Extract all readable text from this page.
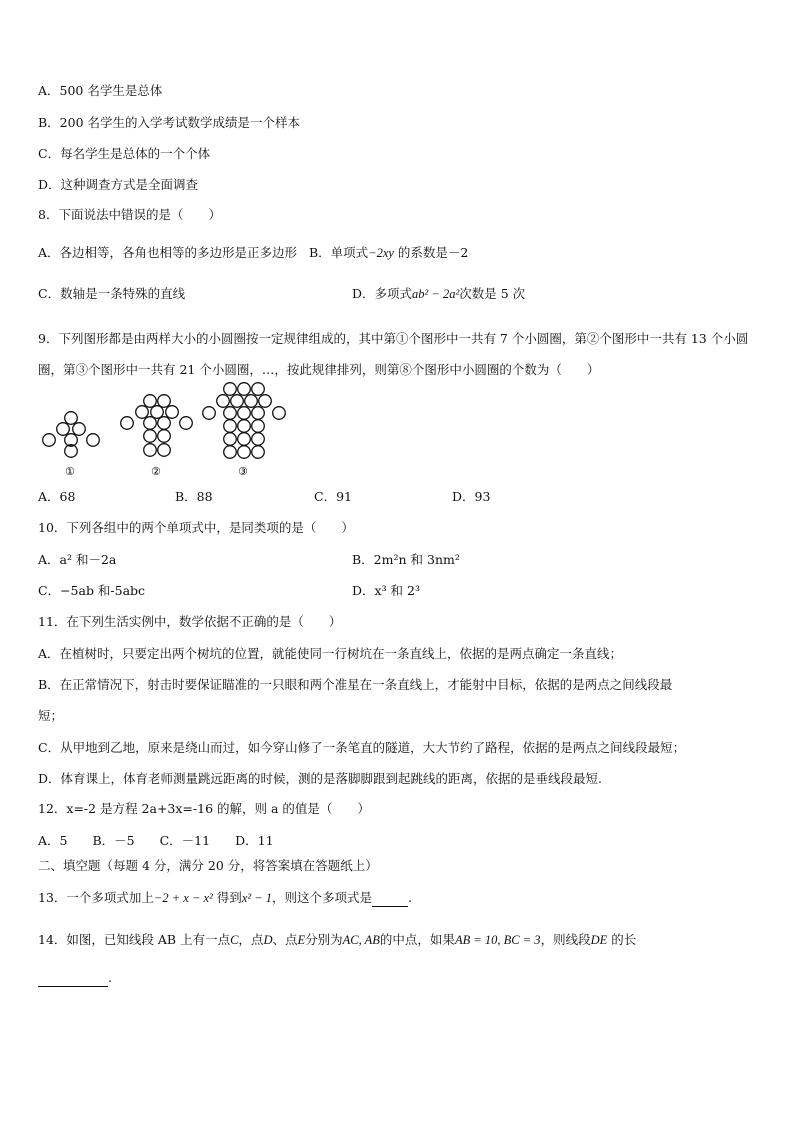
A．500 名学生是总体
B．200 名学生的入学考试数学成绩是一个样本
C．每名学生是总体的一个个体
D．这种调查方式是全面调查
8．下面说法中错误的是（　　）
A．各边相等，各角也相等的多边形是正多边形 B．单项式−2xy 的系数是－2
C．数轴是一条特殊的直线	D．多项式ab² − 2a²次数是 5 次
9．下列图形都是由两样大小的小圆圈按一定规律组成的，其中第①个图形中一共有 7 个小圆圈，第②个图形中一共有 13 个小圆圈，第③个图形中一共有 21 个小圆圈，…，按此规律排列，则第⑧个图形中小圆圈的个数为（　　）
①	②	③
A．68	B．88	C．91	D．93
10．下列各组中的两个单项式中，是同类项的是（　　）
A．a² 和－2a	B．2m²n 和 3nm²
C．−5ab 和-5abc	D．x³ 和 2³
11．在下列生活实例中，数学依据不正确的是（　　）
A．在植树时，只要定出两个树坑的位置，就能使同一行树坑在一条直线上，依据的是两点确定一条直线；
B．在正常情况下，射击时要保证瞄准的一只眼和两个准星在一条直线上，才能射中目标，依据的是两点之间线段最
短；
C．从甲地到乙地，原来是绕山而过，如今穿山修了一条笔直的隧道，大大节约了路程，依据的是两点之间线段最短；
D．体育课上，体育老师测量跳远距离的时候，测的是落脚脚跟到起跳线的距离，依据的是垂线段最短.
12．x=-2 是方程 2a+3x=-16 的解，则 a 的值是（　　）
A．5　　B．－5　　C．－11　　D．11
二、填空题（每题 4 分，满分 20 分，将答案填在答题纸上）
13．一个多项式加上−2 + x − x² 得到x² − 1，则这个多项式是	.
14．如图，已知线段 AB 上有一点C，点D、点E分别为AC, AB的中点，如果AB = 10, BC = 3，则线段DE 的长
.
